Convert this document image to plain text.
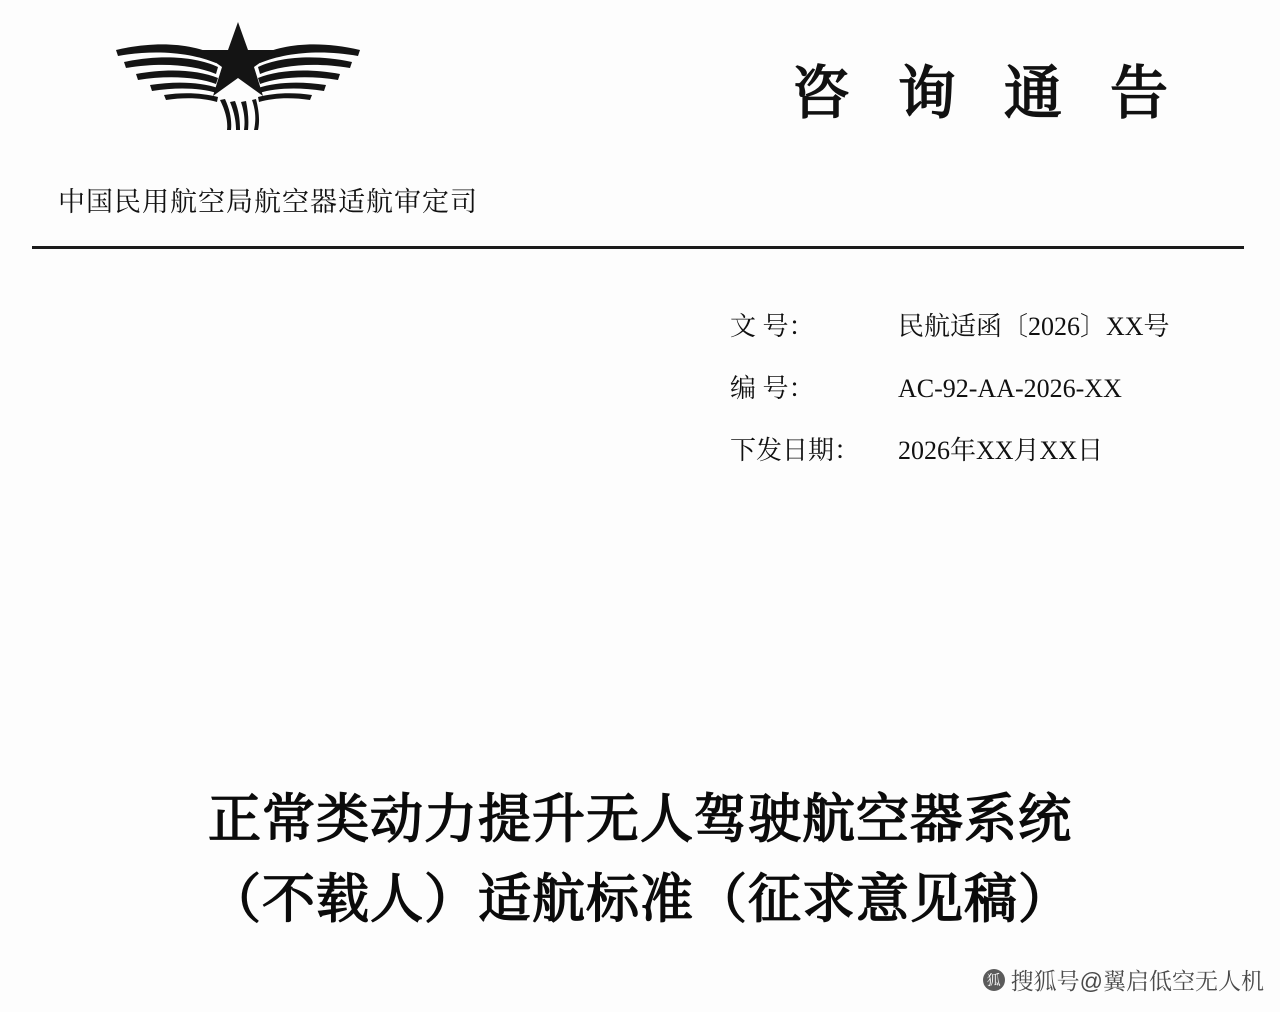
咨 询 通 告
中国民用航空局航空器适航审定司
文 号：	民航适函〔2026〕XX号
编 号：	AC-92-AA-2026-XX
下发日期： 2026年XX月XX日
正常类动力提升无人驾驶航空器系统
（不载人）适航标准（征求意见稿）
狐 搜狐号@翼启低空无人机
